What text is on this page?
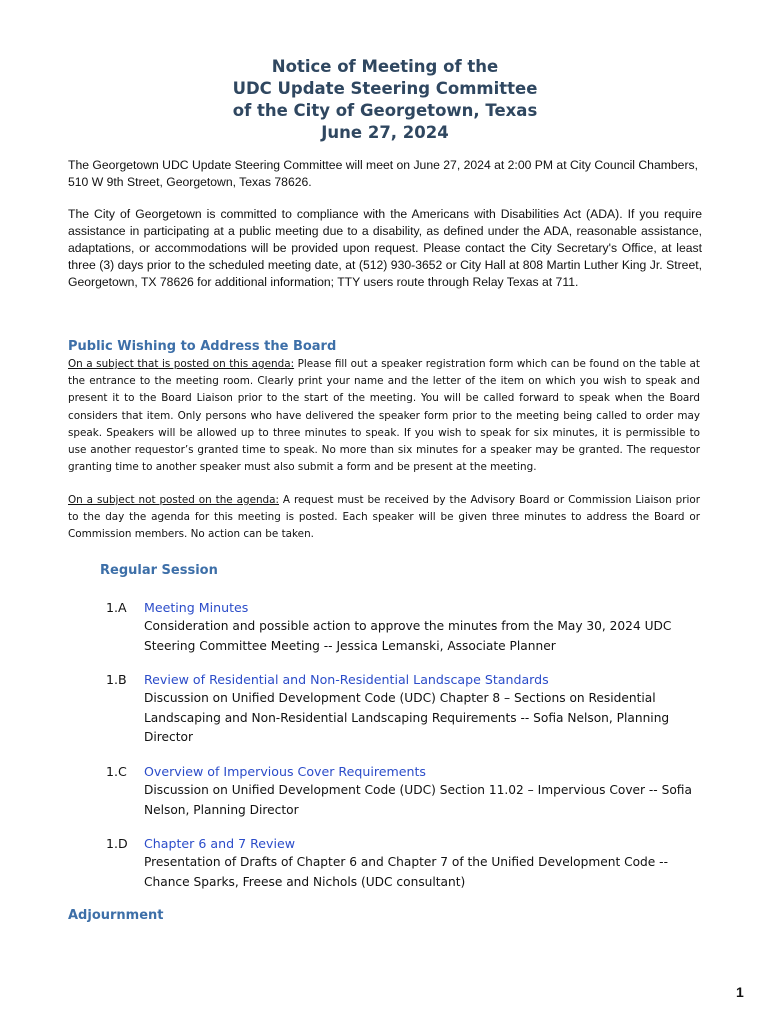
Notice of Meeting of the
UDC Update Steering Committee
of the City of Georgetown, Texas
June 27, 2024
The Georgetown UDC Update Steering Committee will meet on June 27, 2024 at 2:00 PM at City Council Chambers, 510 W 9th Street, Georgetown, Texas 78626.
The City of Georgetown is committed to compliance with the Americans with Disabilities Act (ADA). If you require assistance in participating at a public meeting due to a disability, as defined under the ADA, reasonable assistance, adaptations, or accommodations will be provided upon request. Please contact the City Secretary's Office, at least three (3) days prior to the scheduled meeting date, at (512) 930-3652 or City Hall at 808 Martin Luther King Jr. Street, Georgetown, TX 78626 for additional information; TTY users route through Relay Texas at 711.
Public Wishing to Address the Board
On a subject that is posted on this agenda: Please fill out a speaker registration form which can be found on the table at the entrance to the meeting room. Clearly print your name and the letter of the item on which you wish to speak and present it to the Board Liaison prior to the start of the meeting. You will be called forward to speak when the Board considers that item. Only persons who have delivered the speaker form prior to the meeting being called to order may speak. Speakers will be allowed up to three minutes to speak. If you wish to speak for six minutes, it is permissible to use another requestor’s granted time to speak. No more than six minutes for a speaker may be granted. The requestor granting time to another speaker must also submit a form and be present at the meeting.
On a subject not posted on the agenda: A request must be received by the Advisory Board or Commission Liaison prior to the day the agenda for this meeting is posted. Each speaker will be given three minutes to address the Board or Commission members. No action can be taken.
Regular Session
1.A Meeting Minutes
Consideration and possible action to approve the minutes from the May 30, 2024 UDC Steering Committee Meeting -- Jessica Lemanski, Associate Planner
1.B Review of Residential and Non-Residential Landscape Standards
Discussion on Unified Development Code (UDC) Chapter 8 – Sections on Residential Landscaping and Non-Residential Landscaping Requirements -- Sofia Nelson, Planning Director
1.C Overview of Impervious Cover Requirements
Discussion on Unified Development Code (UDC) Section 11.02 – Impervious Cover -- Sofia Nelson, Planning Director
1.D Chapter 6 and 7 Review
Presentation of Drafts of Chapter 6 and Chapter 7 of the Unified Development Code -- Chance Sparks, Freese and Nichols (UDC consultant)
Adjournment
1
